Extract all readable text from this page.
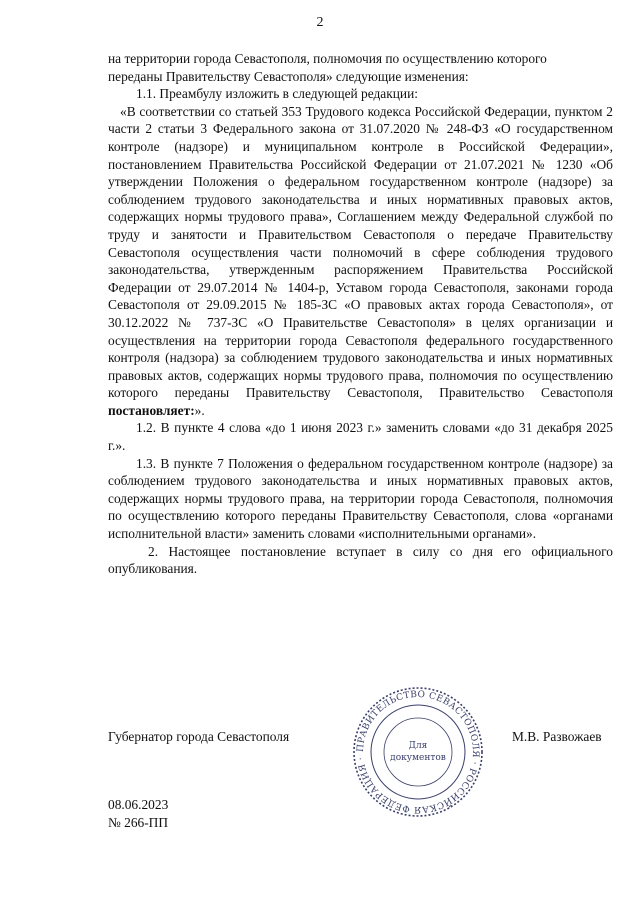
2

на территории города Севастополя, полномочия по осуществлению которого

переданы Правительству Севастополя» следующие изменения:

1.1. Преамбулу изложить в следующей редакции:

«В соответствии со статьей 353 Трудового кодекса Российской Федерации, пунктом 2 части 2 статьи 3 Федерального закона от 31.07.2020 № 248-ФЗ «О государственном контроле (надзоре) и муниципальном контроле в Российской Федерации», постановлением Правительства Российской Федерации от 21.07.2021 № 1230 «Об утверждении Положения о федеральном государственном контроле (надзоре) за соблюдением трудового законодательства и иных нормативных правовых актов, содержащих нормы трудового права», Соглашением между Федеральной службой по труду и занятости и Правительством Севастополя о передаче Правительству Севастополя осуществления части полномочий в сфере соблюдения трудового законодательства, утвержденным распоряжением Правительства Российской Федерации от 29.07.2014 № 1404-р, Уставом города Севастополя, законами города Севастополя от 29.09.2015 № 185-ЗС «О правовых актах города Севастополя», от 30.12.2022 № 737-ЗС «О Правительстве Севастополя» в целях организации и осуществления на территории города Севастополя федерального государственного контроля (надзора) за соблюдением трудового законодательства и иных нормативных правовых актов, содержащих нормы трудового права, полномочия по осуществлению которого переданы Правительству Севастополя, Правительство Севастополя постановляет:».

1.2. В пункте 4 слова «до 1 июня 2023 г.» заменить словами «до 31 декабря 2025 г.».

1.3. В пункте 7 Положения о федеральном государственном контроле (надзоре) за соблюдением трудового законодательства и иных нормативных правовых актов, содержащих нормы трудового права, на территории города Севастополя, полномочия по осуществлению которого переданы Правительству Севастополя, слова «органами исполнительной власти» заменить словами «исполнительными органами».

2. Настоящее постановление вступает в силу со дня его официального опубликования.

Губернатор города Севастополя	М.В. Развожаев
ПРАВИТЕЛЬСТВО СЕВАСТОПОЛЯ · РОССИЙСКАЯ ФЕДЕРАЦИЯ ·
Для
документов
08.06.2023
№ 266-ПП
